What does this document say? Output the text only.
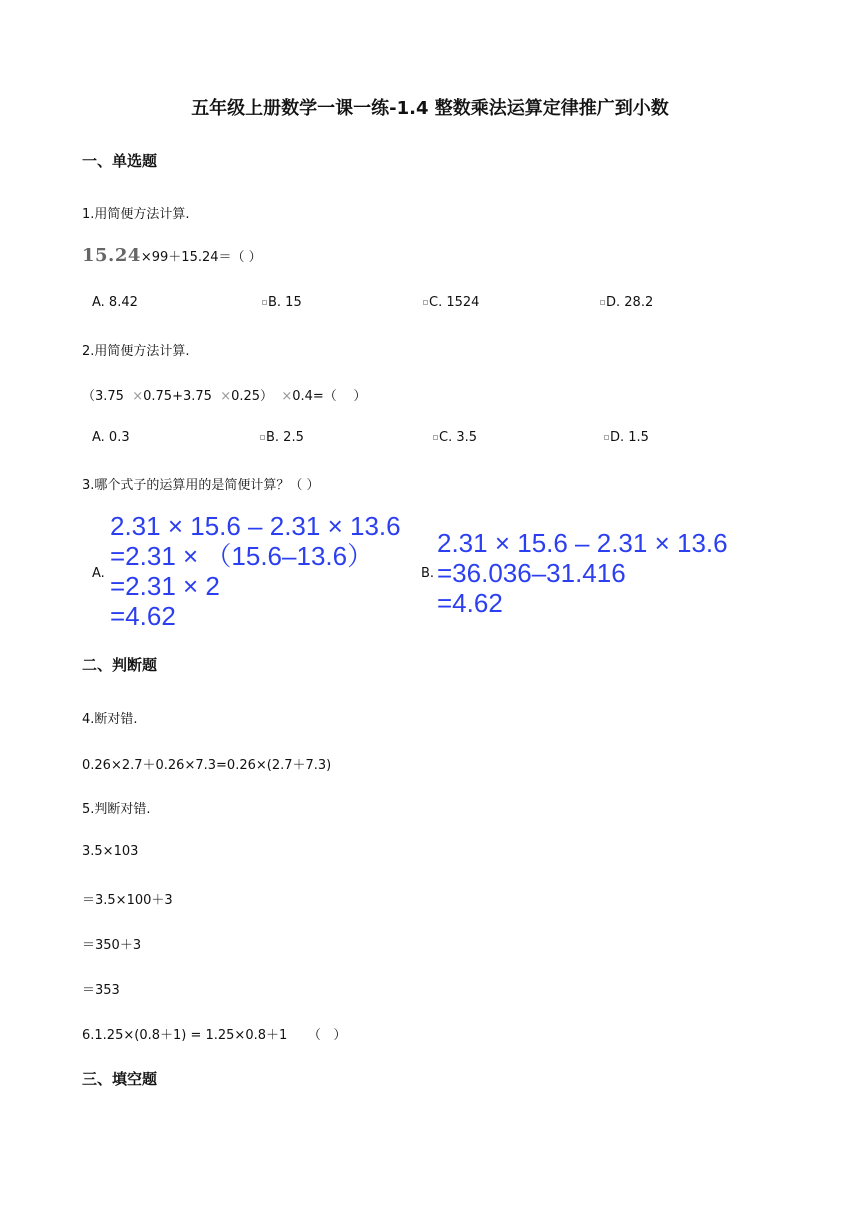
五年级上册数学一课一练-1.4 整数乘法运算定律推广到小数
一、单选题
1.用简便方法计算.
15.24×99＋15.24＝（ ）
A. 8.42	B. 15	C. 1524	D. 28.2
2.用简便方法计算.
（3.75  ×0.75+3.75  ×0.25）  ×0.4=（    ）
A. 0.3	B. 2.5	C. 3.5	D. 1.5
3.哪个式子的运算用的是简便计算？（ ）
A.
2.31 × 15.6 – 2.31 × 13.6
=2.31 × （15.6–13.6）
=2.31 × 2
=4.62
B.
2.31 × 15.6 – 2.31 × 13.6
=36.036–31.416
=4.62
二、判断题
4.断对错.
0.26×2.7＋0.26×7.3=0.26×(2.7＋7.3)
5.判断对错.
3.5×103
＝3.5×100＋3
＝350＋3
＝353
6.1.25×(0.8＋1) = 1.25×0.8＋1     （   ）
三、填空题
